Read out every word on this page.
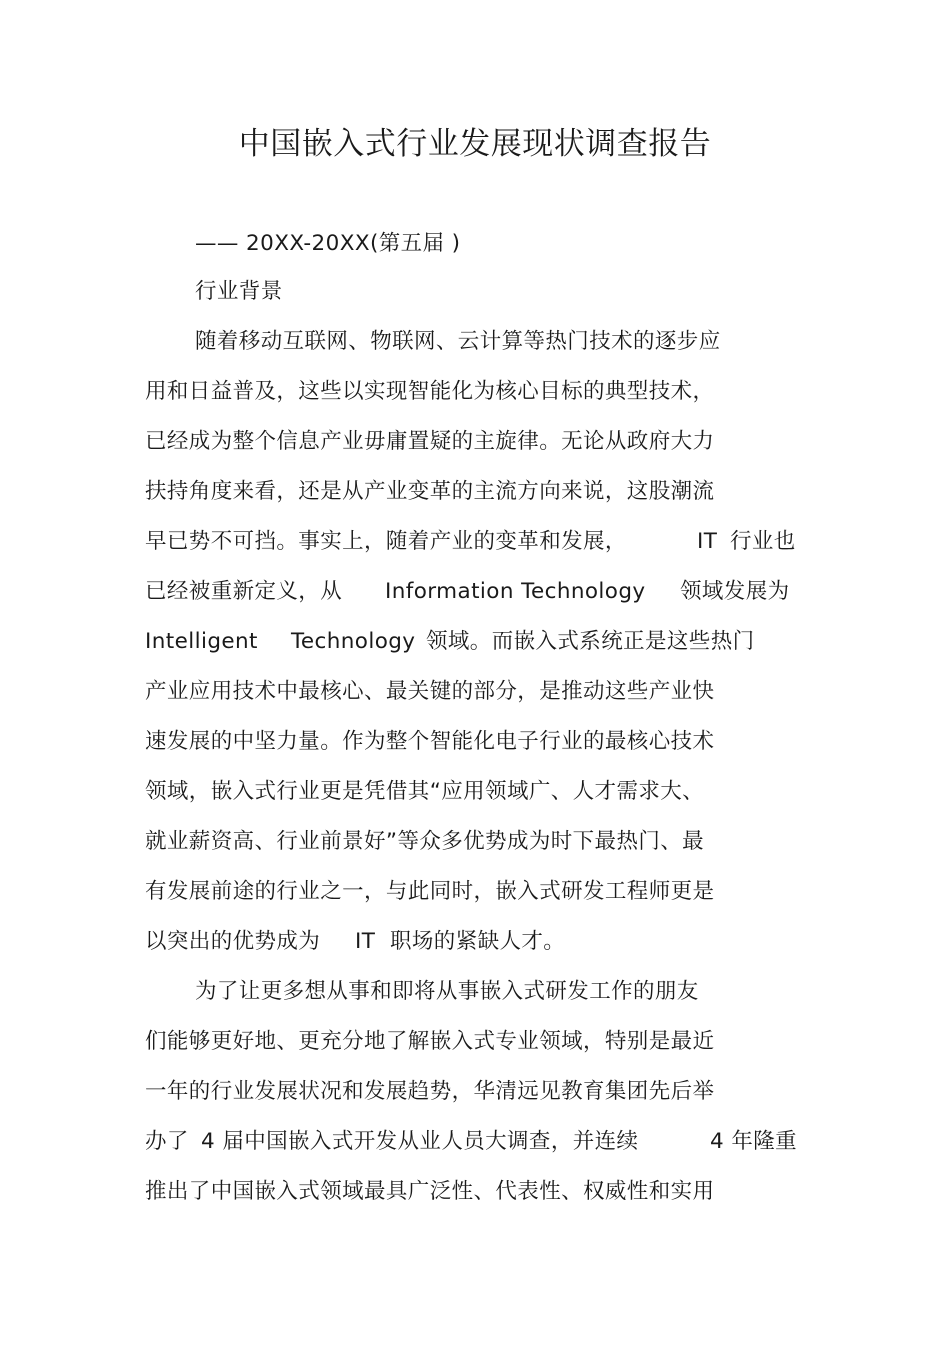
中国嵌入式行业发展现状调查报告
—— 20XX-20XX(第五届 )
行业背景
随着移动互联网、物联网、云计算等热门技术的逐步应
用和日益普及，这些以实现智能化为核心目标的典型技术，
已经成为整个信息产业毋庸置疑的主旋律。无论从政府大力
扶持角度来看，还是从产业变革的主流方向来说，这股潮流
早已势不可挡。事实上，随着产业的变革和发展，	IT 行业也
已经被重新定义，从 Information Technology 领域发展为
Intelligent Technology 领域。而嵌入式系统正是这些热门
产业应用技术中最核心、最关键的部分，是推动这些产业快
速发展的中坚力量。作为整个智能化电子行业的最核心技术
领域，嵌入式行业更是凭借其“应用领域广、人才需求大、
就业薪资高、行业前景好”等众多优势成为时下最热门、最
有发展前途的行业之一，与此同时，嵌入式研发工程师更是
以突出的优势成为 IT 职场的紧缺人才。
为了让更多想从事和即将从事嵌入式研发工作的朋友
们能够更好地、更充分地了解嵌入式专业领域，特别是最近
一年的行业发展状况和发展趋势，华清远见教育集团先后举
办了 4 届中国嵌入式开发从业人员大调查，并连续	4 年隆重
推出了中国嵌入式领域最具广泛性、代表性、权威性和实用
